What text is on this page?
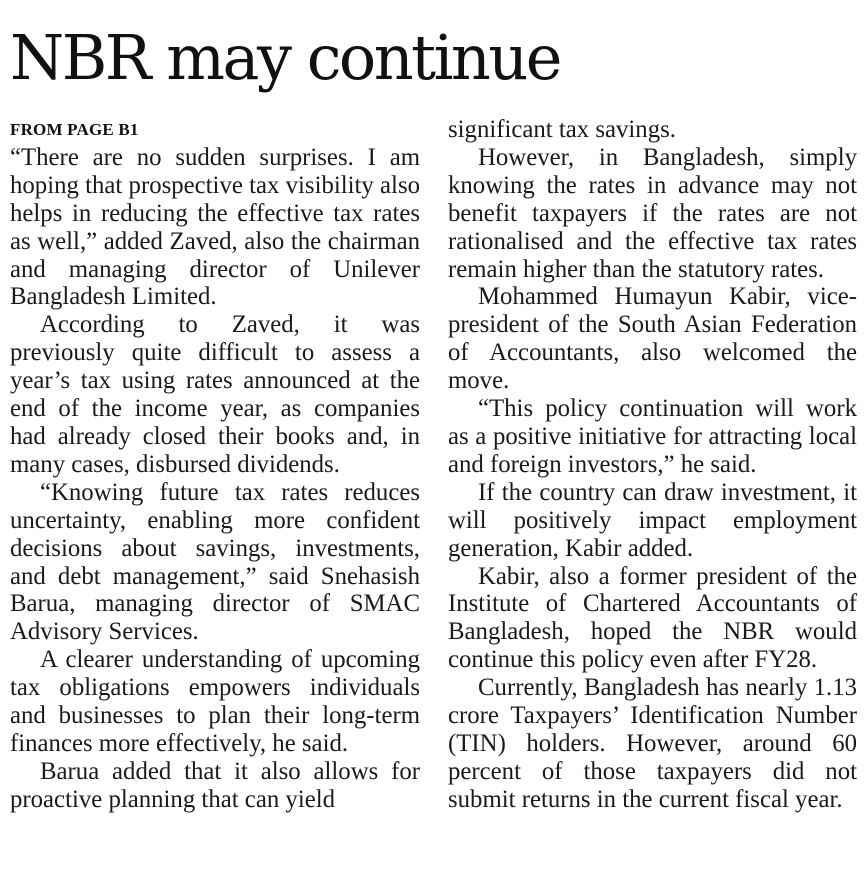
NBR may continue
FROM PAGE B1

“There are no sudden surprises. I am hoping that prospective tax visibility also helps in reducing the effective tax rates as well,” added Zaved, also the chairman and managing director of Unilever Bangladesh Limited.

According to Zaved, it was previously quite difficult to assess a year’s tax using rates announced at the end of the income year, as companies had already closed their books and, in many cases, disbursed dividends.

“Knowing future tax rates reduces uncertainty, enabling more confident decisions about savings, investments, and debt management,” said Snehasish Barua, managing director of SMAC Advisory Services.

A clearer understanding of upcoming tax obligations empowers individuals and businesses to plan their long-term finances more effectively, he said.

Barua added that it also allows for proactive planning that can yield

significant tax savings.

However, in Bangladesh, simply knowing the rates in advance may not benefit taxpayers if the rates are not rationalised and the effective tax rates remain higher than the statutory rates.

Mohammed Humayun Kabir, vice-president of the South Asian Federation of Accountants, also welcomed the move.

“This policy continuation will work as a positive initiative for attracting local and foreign investors,” he said.

If the country can draw investment, it will positively impact employment generation, Kabir added.

Kabir, also a former president of the Institute of Chartered Accountants of Bangladesh, hoped the NBR would continue this policy even after FY28.

Currently, Bangladesh has nearly 1.13 crore Taxpayers’ Identification Number (TIN) holders. However, around 60 percent of those taxpayers did not submit returns in the current fiscal year.
